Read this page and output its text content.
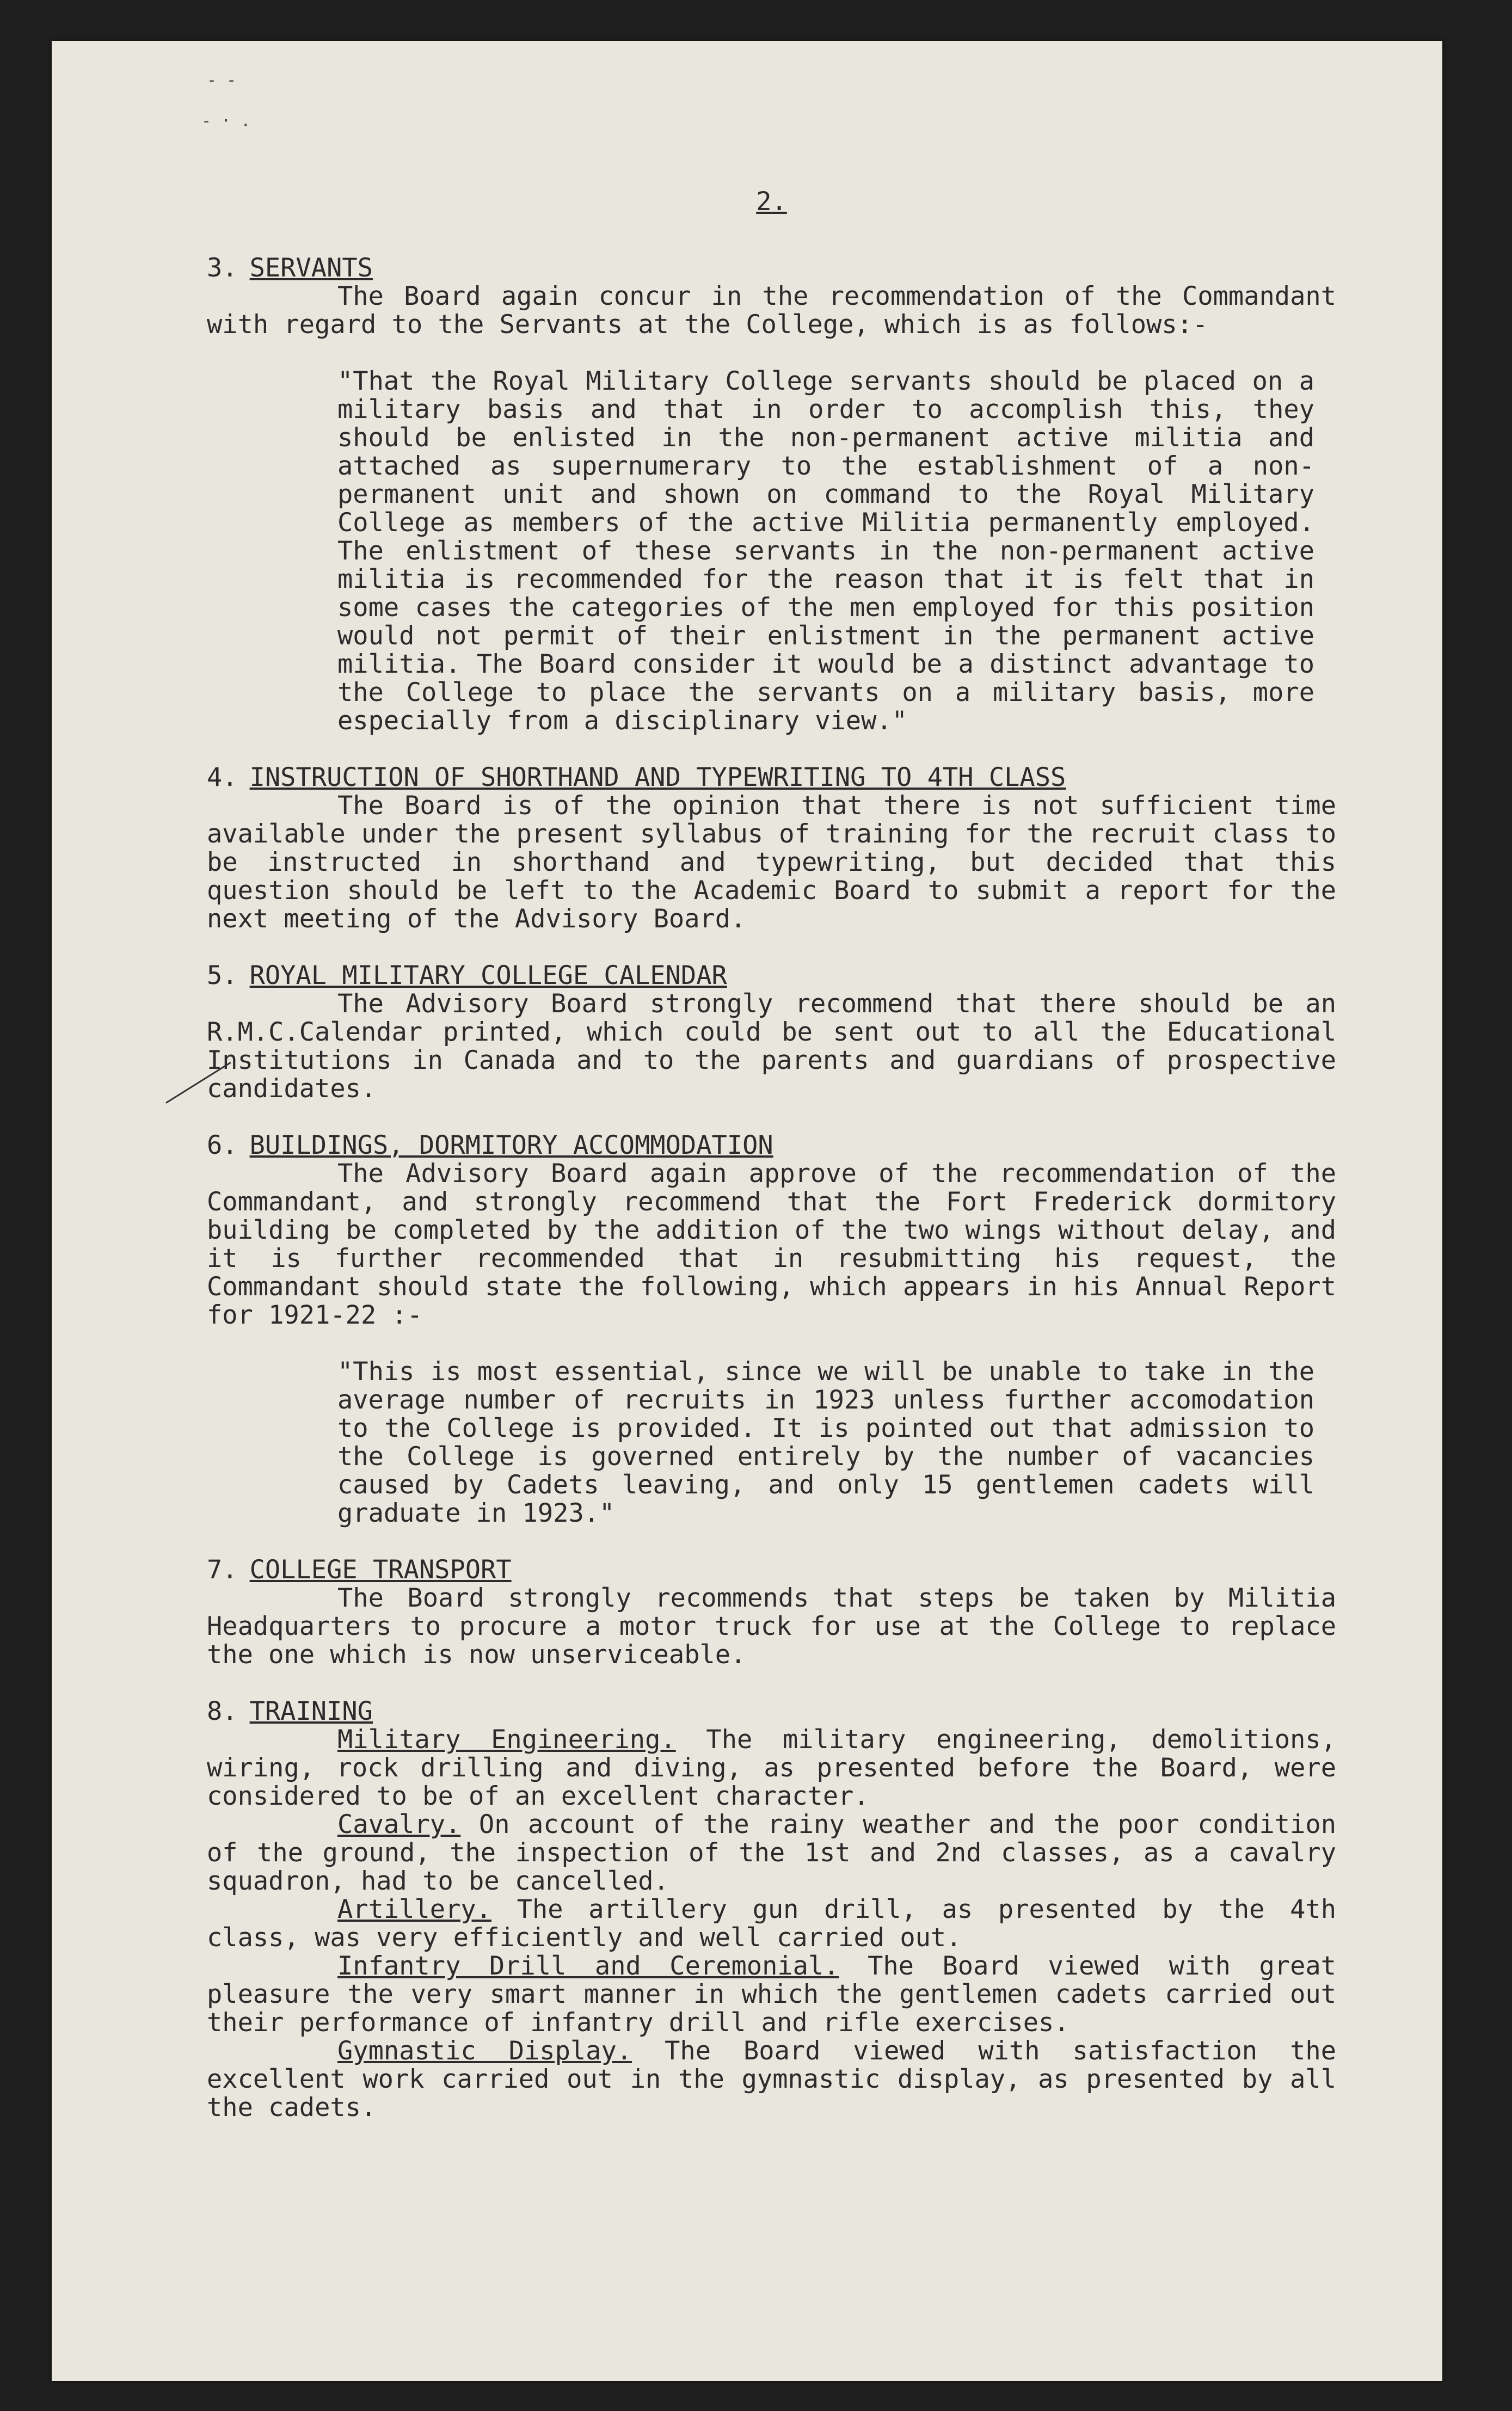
- -
- · .

2.

3. SERVANTS

The Board again concur in the recommendation of the Commandant with regard to the Servants at the College, which is as follows:-

"That the Royal Military College servants should be placed on a military basis and that in order to accomplish this, they should be enlisted in the non-permanent active militia and attached as supernumerary to the establishment of a non-permanent unit and shown on command to the Royal Military College as members of the active Militia permanently employed. The enlistment of these servants in the non-permanent active militia is recommended for the reason that it is felt that in some cases the categories of the men employed for this position would not permit of their enlistment in the permanent active militia. The Board consider it would be a distinct advantage to the College to place the servants on a military basis, more especially from a disciplinary view."

4. INSTRUCTION OF SHORTHAND AND TYPEWRITING TO 4TH CLASS

The Board is of the opinion that there is not sufficient time available under the present syllabus of training for the recruit class to be instructed in shorthand and typewriting, but decided that this question should be left to the Academic Board to submit a report for the next meeting of the Advisory Board.

5. ROYAL MILITARY COLLEGE CALENDAR

The Advisory Board strongly recommend that there should be an R.M.C.Calendar printed, which could be sent out to all the Educational Institutions in Canada and to the parents and guardians of prospective candidates.

6. BUILDINGS, DORMITORY ACCOMMODATION

The Advisory Board again approve of the recommendation of the Commandant, and strongly recommend that the Fort Frederick dormitory building be completed by the addition of the two wings without delay, and it is further recommended that in resubmitting his request, the Commandant should state the following, which appears in his Annual Report for 1921-22 :-

"This is most essential, since we will be unable to take in the average number of recruits in 1923 unless further accomodation to the College is provided. It is pointed out that admission to the College is governed entirely by the number of vacancies caused by Cadets leaving, and only 15 gentlemen cadets will graduate in 1923."

7. COLLEGE TRANSPORT

The Board strongly recommends that steps be taken by Militia Headquarters to procure a motor truck for use at the College to replace the one which is now unserviceable.

8. TRAINING

Military Engineering. The military engineering, demolitions, wiring, rock drilling and diving, as presented before the Board, were considered to be of an excellent character.

Cavalry. On account of the rainy weather and the poor condition of the ground, the inspection of the 1st and 2nd classes, as a cavalry squadron, had to be cancelled.

Artillery. The artillery gun drill, as presented by the 4th class, was very efficiently and well carried out.

Infantry Drill and Ceremonial. The Board viewed with great pleasure the very smart manner in which the gentlemen cadets carried out their performance of infantry drill and rifle exercises.

Gymnastic Display. The Board viewed with satisfaction the excellent work carried out in the gymnastic display, as presented by all the cadets.
